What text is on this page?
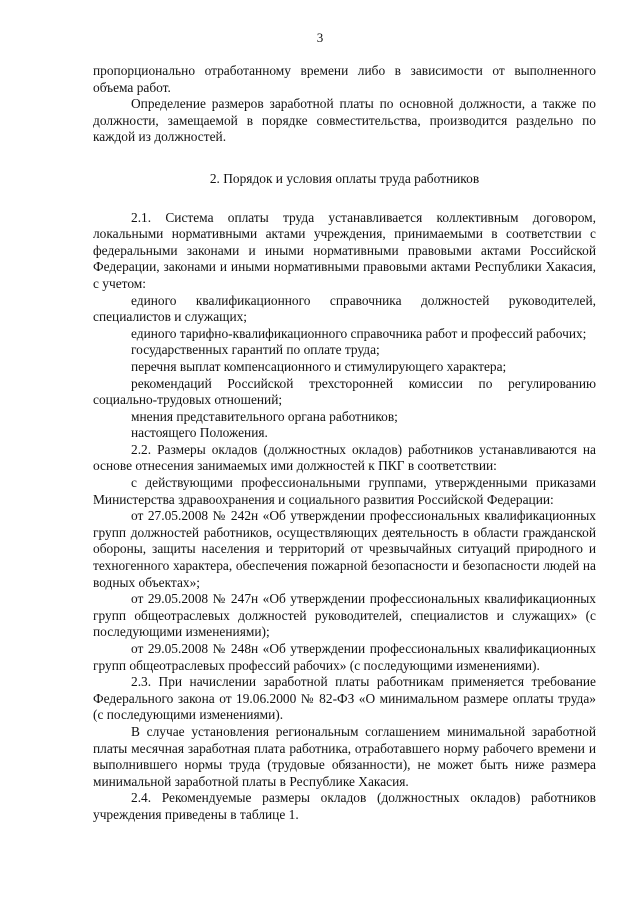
3

пропорционально отработанному времени либо в зависимости от выполненного объема работ.

Определение размеров заработной платы по основной должности, а также по должности, замещаемой в порядке совместительства, производится раздельно по каждой из должностей.

2. Порядок и условия оплаты труда работников

2.1. Система оплаты труда устанавливается коллективным договором, локальными нормативными актами учреждения, принимаемыми в соответствии с федеральными законами и иными нормативными правовыми актами Российской Федерации, законами и иными нормативными правовыми актами Республики Хакасия, с учетом:

единого квалификационного справочника должностей руководителей, специалистов и служащих;

единого тарифно-квалификационного справочника работ и профессий рабочих;

государственных гарантий по оплате труда;

перечня выплат компенсационного и стимулирующего характера;

рекомендаций Российской трехсторонней комиссии по регулированию социально-трудовых отношений;

мнения представительного органа работников;

настоящего Положения.

2.2. Размеры окладов (должностных окладов) работников устанавливаются на основе отнесения занимаемых ими должностей к ПКГ в соответствии:

с действующими профессиональными группами, утвержденными приказами Министерства здравоохранения и социального развития Российской Федерации:

от 27.05.2008 № 242н «Об утверждении профессиональных квалификационных групп должностей работников, осуществляющих деятельность в области гражданской обороны, защиты населения и территорий от чрезвычайных ситуаций природного и техногенного характера, обеспечения пожарной безопасности и безопасности людей на водных объектах»;

от 29.05.2008 № 247н «Об утверждении профессиональных квалификационных групп общеотраслевых должностей руководителей, специалистов и служащих» (с последующими изменениями);

от 29.05.2008 № 248н «Об утверждении профессиональных квалификационных групп общеотраслевых профессий рабочих» (с последующими изменениями).

2.3. При начислении заработной платы работникам применяется требование Федерального закона от 19.06.2000 № 82-ФЗ «О минимальном размере оплаты труда» (с последующими изменениями).

В случае установления региональным соглашением минимальной заработной платы месячная заработная плата работника, отработавшего норму рабочего времени и выполнившего нормы труда (трудовые обязанности), не может быть ниже размера минимальной заработной платы в Республике Хакасия.

2.4. Рекомендуемые размеры окладов (должностных окладов) работников учреждения приведены в таблице 1.
